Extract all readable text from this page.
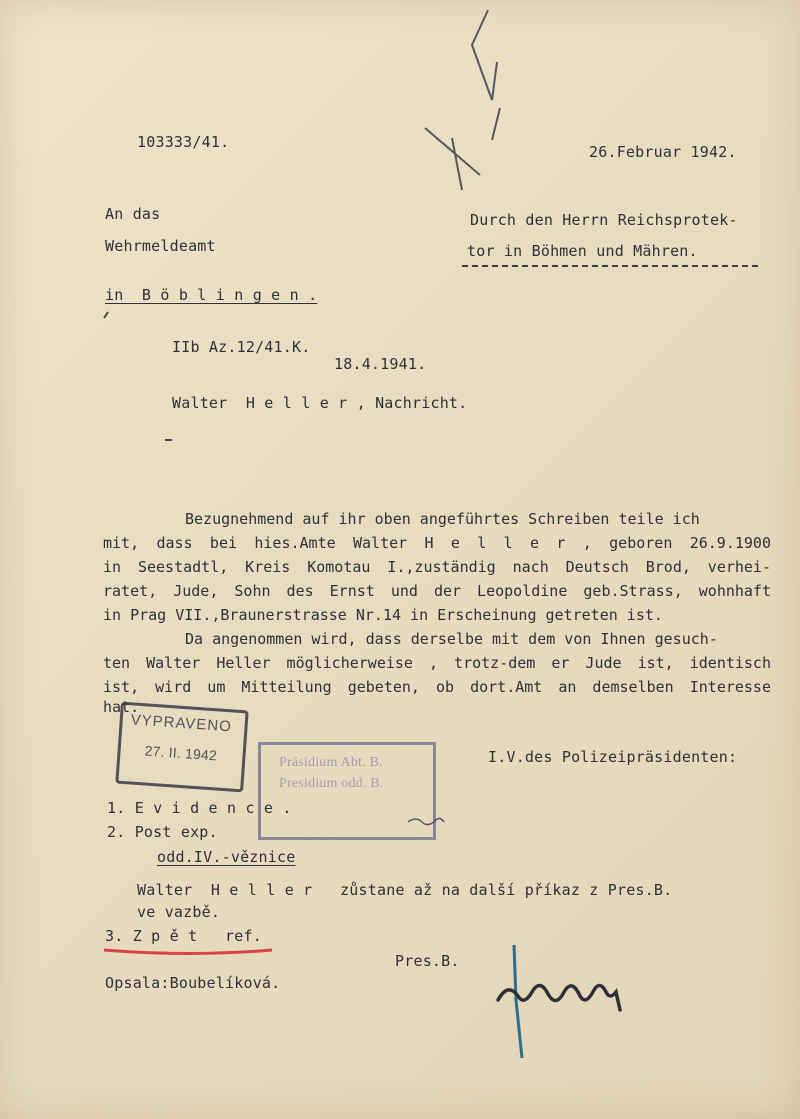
103333/41.
26.Februar 1942.
An das
Wehrmeldeamt
Durch den Herrn Reichsprotek-
tor in Böhmen und Mähren.
in  B ö b l i n g e n .
IIb Az.12/41.K.
18.4.1941.
Walter  H e l l e r , Nachricht.
Bezugnehmend auf ihr oben angeführtes Schreiben teile ich
mit, dass bei hies.Amte Walter H e l l e r , geboren 26.9.1900
in Seestadtl, Kreis Komotau I.,zuständig nach Deutsch Brod, verhei-
ratet, Jude, Sohn des Ernst und der Leopoldine geb.Strass, wohnhaft
in Prag VII.,Braunerstrasse Nr.14 in Erscheinung getreten ist.
Da angenommen wird, dass derselbe mit dem von Ihnen gesuch-
ten Walter Heller möglicherweise , trotz-dem er Jude ist, identisch
ist, wird um Mitteilung gebeten, ob dort.Amt an demselben Interesse
hat.
VYPRAVENO
27. II. 1942	Präsidium Abt. B.
Presidium odd. B.
I.V.des Polizeipräsidenten:
1. E v i d e n c e .
2. Post exp.
odd.IV.-věznice
Walter  H e l l e r   zůstane až na další příkaz z Pres.B.
ve vazbě.
3. Z p ě t   ref.
Pres.B.
Opsala:Boubelíková.
